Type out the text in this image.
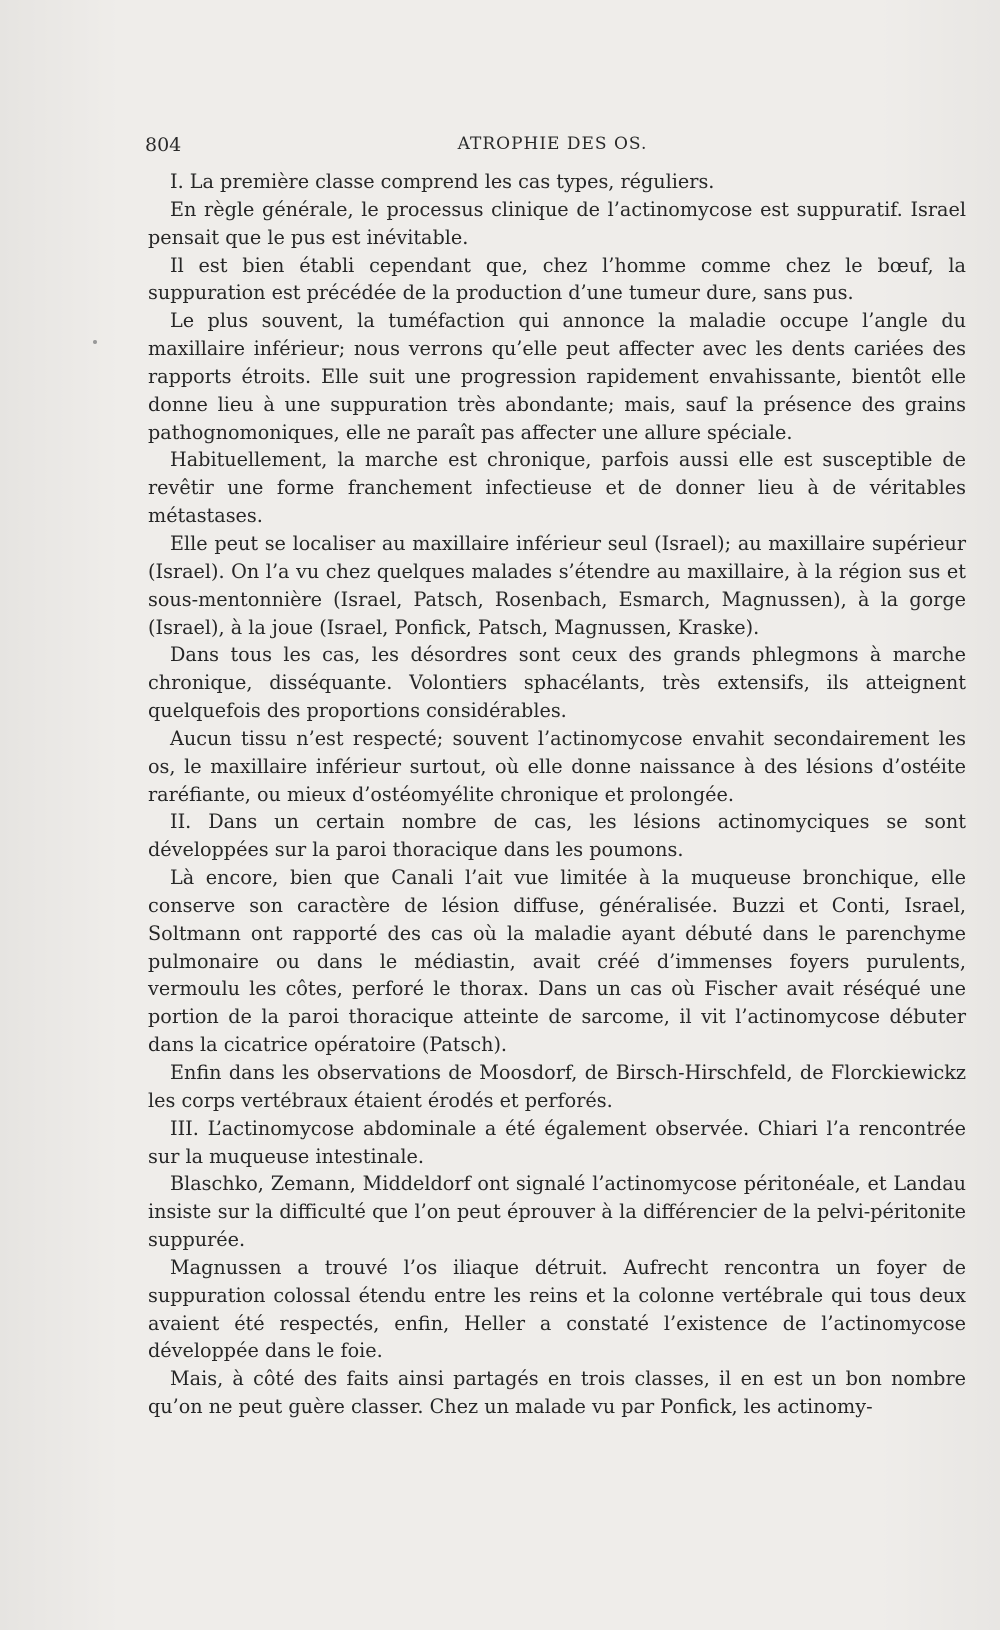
804	ATROPHIE DES OS.

I. La première classe comprend les cas types, réguliers.

En règle générale, le processus clinique de l’actinomycose est suppuratif. Israel pensait que le pus est inévitable.

Il est bien établi cependant que, chez l’homme comme chez le bœuf, la suppuration est précédée de la production d’une tumeur dure, sans pus.

Le plus souvent, la tuméfaction qui annonce la maladie occupe l’angle du maxillaire inférieur; nous verrons qu’elle peut affecter avec les dents cariées des rapports étroits. Elle suit une progression rapidement envahissante, bientôt elle donne lieu à une suppuration très abondante; mais, sauf la présence des grains pathognomoniques, elle ne paraît pas affecter une allure spéciale.

Habituellement, la marche est chronique, parfois aussi elle est susceptible de revêtir une forme franchement infectieuse et de donner lieu à de véritables métastases.

Elle peut se localiser au maxillaire inférieur seul (Israel); au maxillaire supérieur (Israel). On l’a vu chez quelques malades s’étendre au maxillaire, à la région sus et sous-mentonnière (Israel, Patsch, Rosenbach, Esmarch, Magnussen), à la gorge (Israel), à la joue (Israel, Ponfick, Patsch, Magnussen, Kraske).

Dans tous les cas, les désordres sont ceux des grands phlegmons à marche chronique, disséquante. Volontiers sphacélants, très extensifs, ils atteignent quelquefois des proportions considérables.

Aucun tissu n’est respecté; souvent l’actinomycose envahit secondairement les os, le maxillaire inférieur surtout, où elle donne naissance à des lésions d’ostéite raréfiante, ou mieux d’ostéomyélite chronique et prolongée.

II. Dans un certain nombre de cas, les lésions actinomyciques se sont développées sur la paroi thoracique dans les poumons.

Là encore, bien que Canali l’ait vue limitée à la muqueuse bronchique, elle conserve son caractère de lésion diffuse, généralisée. Buzzi et Conti, Israel, Soltmann ont rapporté des cas où la maladie ayant débuté dans le parenchyme pulmonaire ou dans le médiastin, avait créé d’immenses foyers purulents, vermoulu les côtes, perforé le thorax. Dans un cas où Fischer avait réséqué une portion de la paroi thoracique atteinte de sarcome, il vit l’actinomycose débuter dans la cicatrice opératoire (Patsch).

Enfin dans les observations de Moosdorf, de Birsch-Hirschfeld, de Florckiewickz les corps vertébraux étaient érodés et perforés.

III. L’actinomycose abdominale a été également observée. Chiari l’a rencontrée sur la muqueuse intestinale.

Blaschko, Zemann, Middeldorf ont signalé l’actinomycose péritonéale, et Landau insiste sur la difficulté que l’on peut éprouver à la différencier de la pelvi-péritonite suppurée.

Magnussen a trouvé l’os iliaque détruit. Aufrecht rencontra un foyer de suppuration colossal étendu entre les reins et la colonne vertébrale qui tous deux avaient été respectés, enfin, Heller a constaté l’existence de l’actinomycose développée dans le foie.

Mais, à côté des faits ainsi partagés en trois classes, il en est un bon nombre qu’on ne peut guère classer. Chez un malade vu par Ponfick, les actinomy-
